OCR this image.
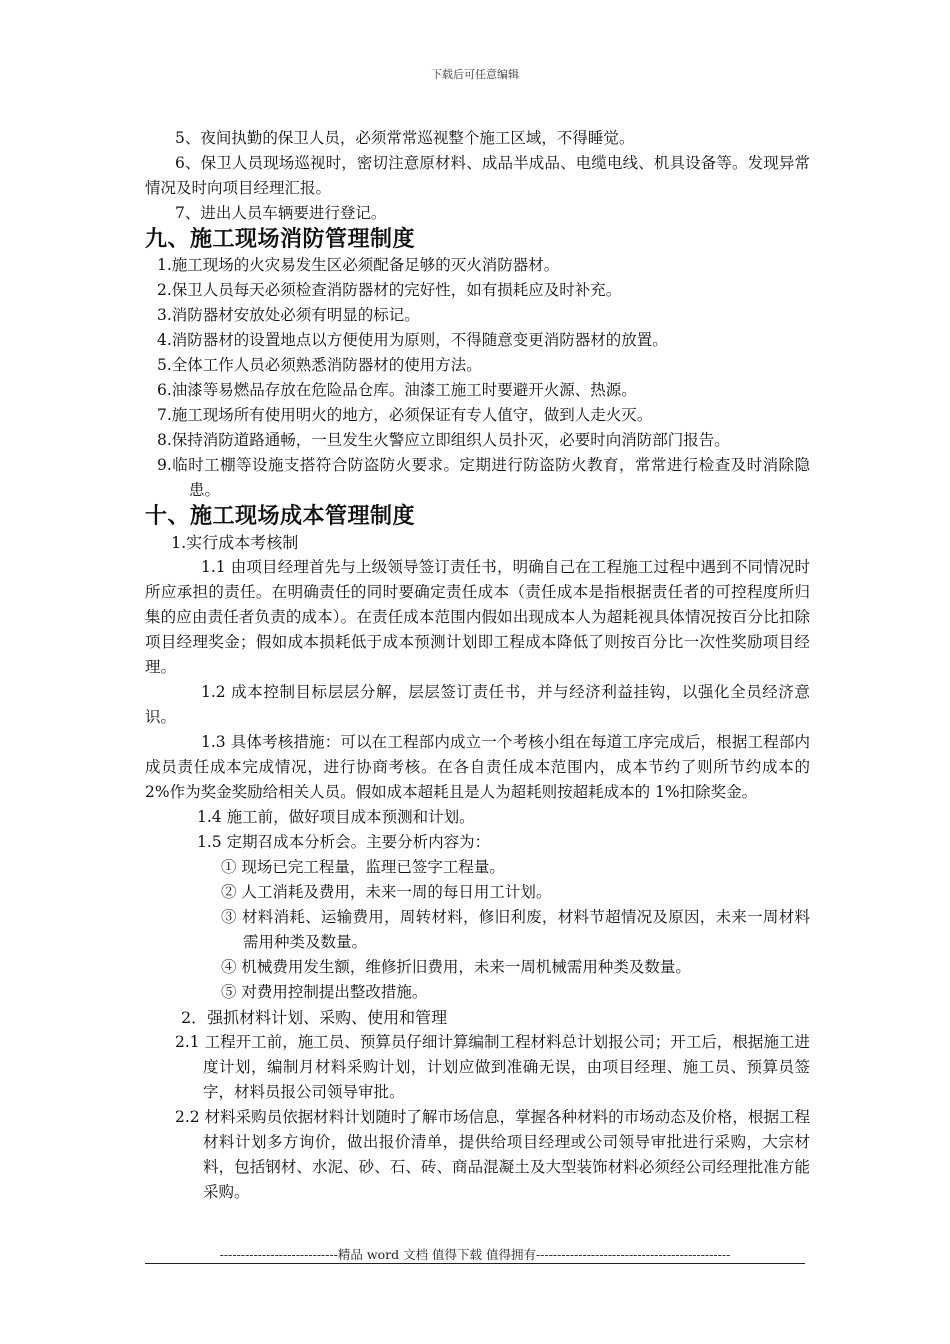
下载后可任意编辑

5、夜间执勤的保卫人员，必须常常巡视整个施工区域，不得睡觉。

6、保卫人员现场巡视时，密切注意原材料、成品半成品、电缆电线、机具设备等。发现异常情况及时向项目经理汇报。

7、进出人员车辆要进行登记。

九、施工现场消防管理制度

1.施工现场的火灾易发生区必须配备足够的灭火消防器材。

2.保卫人员每天必须检查消防器材的完好性，如有损耗应及时补充。

3.消防器材安放处必须有明显的标记。

4.消防器材的设置地点以方便使用为原则，不得随意变更消防器材的放置。

5.全体工作人员必须熟悉消防器材的使用方法。

6.油漆等易燃品存放在危险品仓库。油漆工施工时要避开火源、热源。

7.施工现场所有使用明火的地方，必须保证有专人值守，做到人走火灭。

8.保持消防道路通畅，一旦发生火警应立即组织人员扑灭，必要时向消防部门报告。

9.临时工棚等设施支搭符合防盗防火要求。定期进行防盗防火教育，常常进行检查及时消除隐患。

十、施工现场成本管理制度

1.实行成本考核制

1.1 由项目经理首先与上级领导签订责任书，明确自己在工程施工过程中遇到不同情况时所应承担的责任。在明确责任的同时要确定责任成本（责任成本是指根据责任者的可控程度所归集的应由责任者负责的成本）。在责任成本范围内假如出现成本人为超耗视具体情况按百分比扣除项目经理奖金；假如成本损耗低于成本预测计划即工程成本降低了则按百分比一次性奖励项目经理。

1.2 成本控制目标层层分解，层层签订责任书，并与经济利益挂钩，以强化全员经济意识。

1.3 具体考核措施：可以在工程部内成立一个考核小组在每道工序完成后，根据工程部内成员责任成本完成情况，进行协商考核。在各自责任成本范围内，成本节约了则所节约成本的 2%作为奖金奖励给相关人员。假如成本超耗且是人为超耗则按超耗成本的 1%扣除奖金。

1.4 施工前，做好项目成本预测和计划。

1.5 定期召成本分析会。主要分析内容为：

① 现场已完工程量，监理已签字工程量。

② 人工消耗及费用，未来一周的每日用工计划。

③ 材料消耗、运输费用，周转材料，修旧利废，材料节超情况及原因，未来一周材料需用种类及数量。

④ 机械费用发生额，维修折旧费用，未来一周机械需用种类及数量。

⑤ 对费用控制提出整改措施。

2．强抓材料计划、采购、使用和管理

2.1 工程开工前，施工员、预算员仔细计算编制工程材料总计划报公司；开工后，根据施工进度计划，编制月材料采购计划，计划应做到准确无误，由项目经理、施工员、预算员签字，材料员报公司领导审批。

2.2 材料采购员依据材料计划随时了解市场信息，掌握各种材料的市场动态及价格，根据工程材料计划多方询价，做出报价清单，提供给项目经理或公司领导审批进行采购，大宗材料，包括钢材、水泥、砂、石、砖、商品混凝土及大型装饰材料必须经公司经理批准方能采购。

----------------------------精品 word 文档 值得下载 值得拥有----------------------------------------------
